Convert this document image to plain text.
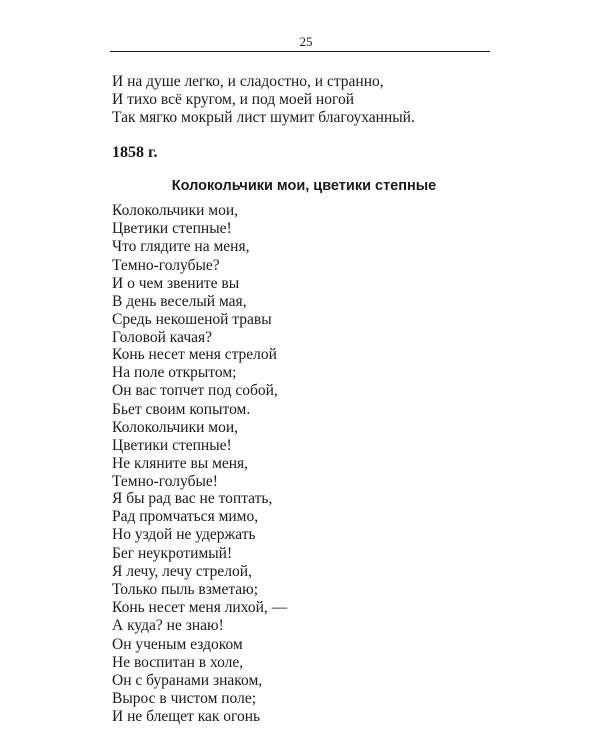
25
И на душе легко, и сладостно, и странно,
И тихо всё кругом, и под моей ногой
Так мягко мокрый лист шумит благоуханный.
1858 г.
Колокольчики мои, цветики степные
Колокольчики мои,
Цветики степные!
Что глядите на меня,
Темно-голубые?
И о чем звените вы
В день веселый мая,
Средь некошеной травы
Головой качая?
Конь несет меня стрелой
На поле открытом;
Он вас топчет под собой,
Бьет своим копытом.
Колокольчики мои,
Цветики степные!
Не кляните вы меня,
Темно-голубые!
Я бы рад вас не топтать,
Рад промчаться мимо,
Но уздой не удержать
Бег неукротимый!
Я лечу, лечу стрелой,
Только пыль взметаю;
Конь несет меня лихой, —
А куда? не знаю!
Он ученым ездоком
Не воспитан в холе,
Он с буранами знаком,
Вырос в чистом поле;
И не блещет как огонь
